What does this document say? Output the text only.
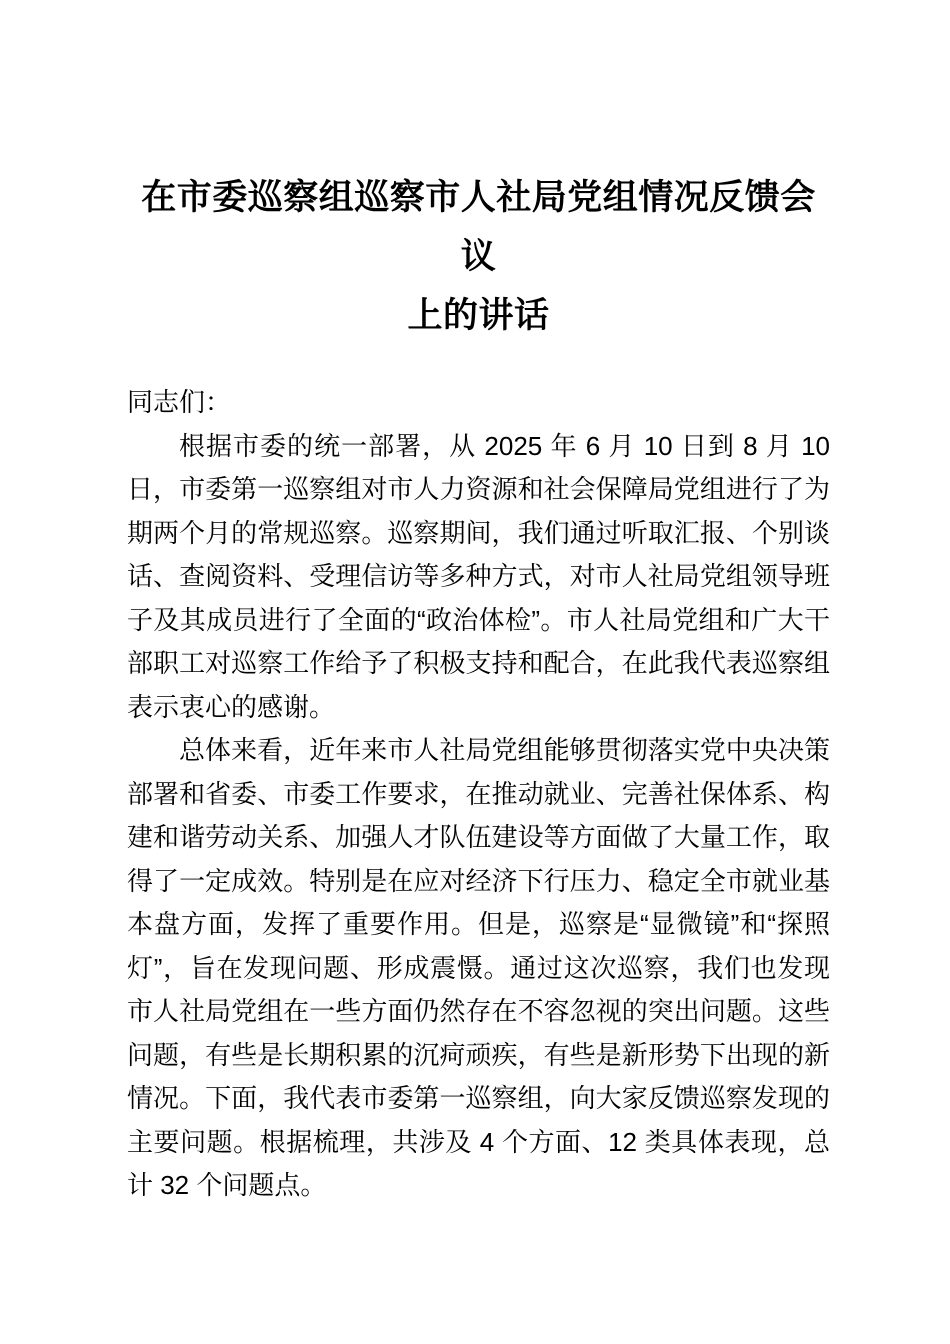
在市委巡察组巡察市人社局党组情况反馈会议
上的讲话

同志们：

根据市委的统一部署，从 2025 年 6 月 10 日到 8 月 10 日，市委第一巡察组对市人力资源和社会保障局党组进行了为期两个月的常规巡察。巡察期间，我们通过听取汇报、个别谈话、查阅资料、受理信访等多种方式，对市人社局党组领导班子及其成员进行了全面的“政治体检”。市人社局党组和广大干部职工对巡察工作给予了积极支持和配合，在此我代表巡察组表示衷心的感谢。

总体来看，近年来市人社局党组能够贯彻落实党中央决策部署和省委、市委工作要求，在推动就业、完善社保体系、构建和谐劳动关系、加强人才队伍建设等方面做了大量工作，取得了一定成效。特别是在应对经济下行压力、稳定全市就业基本盘方面，发挥了重要作用。但是，巡察是“显微镜”和“探照灯”，旨在发现问题、形成震慑。通过这次巡察，我们也发现市人社局党组在一些方面仍然存在不容忽视的突出问题。这些问题，有些是长期积累的沉疴顽疾，有些是新形势下出现的新情况。下面，我代表市委第一巡察组，向大家反馈巡察发现的主要问题。根据梳理，共涉及 4 个方面、12 类具体表现，总计 32 个问题点。
